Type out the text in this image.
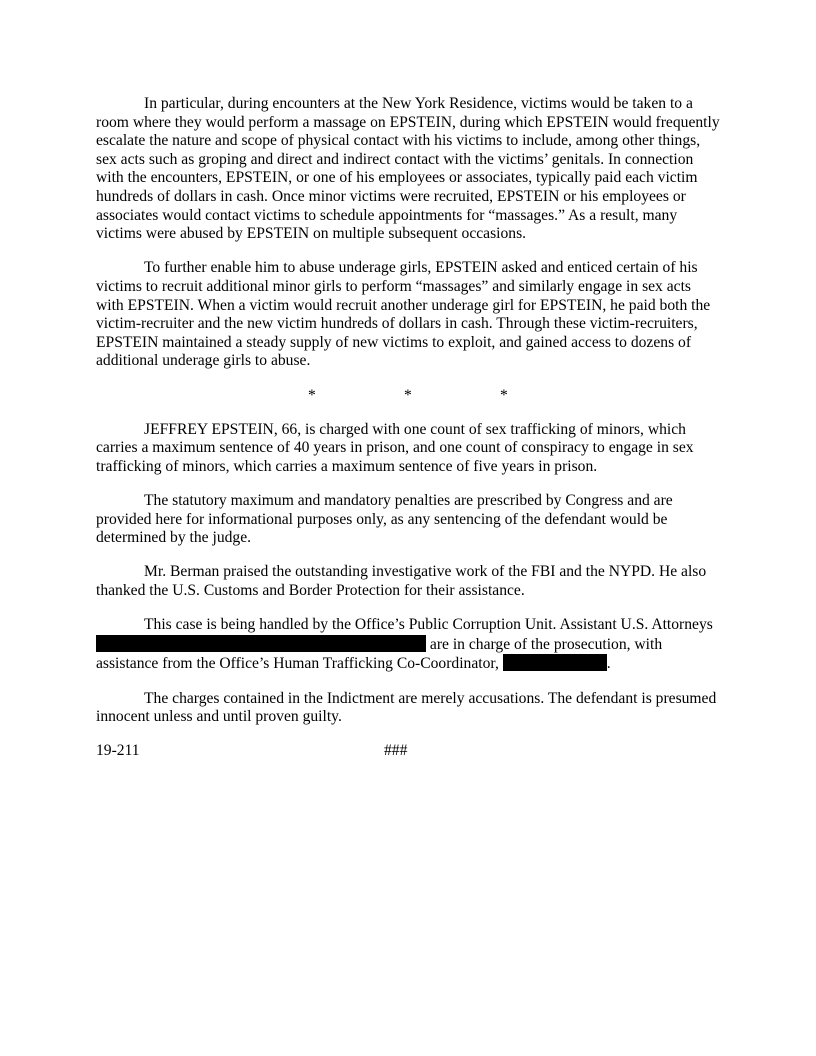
In particular, during encounters at the New York Residence, victims would be taken to a room where they would perform a massage on EPSTEIN, during which EPSTEIN would frequently escalate the nature and scope of physical contact with his victims to include, among other things, sex acts such as groping and direct and indirect contact with the victims’ genitals. In connection with the encounters, EPSTEIN, or one of his employees or associates, typically paid each victim hundreds of dollars in cash. Once minor victims were recruited, EPSTEIN or his employees or associates would contact victims to schedule appointments for “massages.” As a result, many victims were abused by EPSTEIN on multiple subsequent occasions.

To further enable him to abuse underage girls, EPSTEIN asked and enticed certain of his victims to recruit additional minor girls to perform “massages” and similarly engage in sex acts with EPSTEIN. When a victim would recruit another underage girl for EPSTEIN, he paid both the victim-recruiter and the new victim hundreds of dollars in cash. Through these victim-recruiters, EPSTEIN maintained a steady supply of new victims to exploit, and gained access to dozens of additional underage girls to abuse.

*	*	*

JEFFREY EPSTEIN, 66, is charged with one count of sex trafficking of minors, which carries a maximum sentence of 40 years in prison, and one count of conspiracy to engage in sex trafficking of minors, which carries a maximum sentence of five years in prison.

The statutory maximum and mandatory penalties are prescribed by Congress and are provided here for informational purposes only, as any sentencing of the defendant would be determined by the judge.

Mr. Berman praised the outstanding investigative work of the FBI and the NYPD. He also thanked the U.S. Customs and Border Protection for their assistance.

This case is being handled by the Office’s Public Corruption Unit. Assistant U.S. Attorneys  are in charge of the prosecution, with assistance from the Office’s Human Trafficking Co-Coordinator,	.

The charges contained in the Indictment are merely accusations. The defendant is presumed innocent unless and until proven guilty.

19-211	###
